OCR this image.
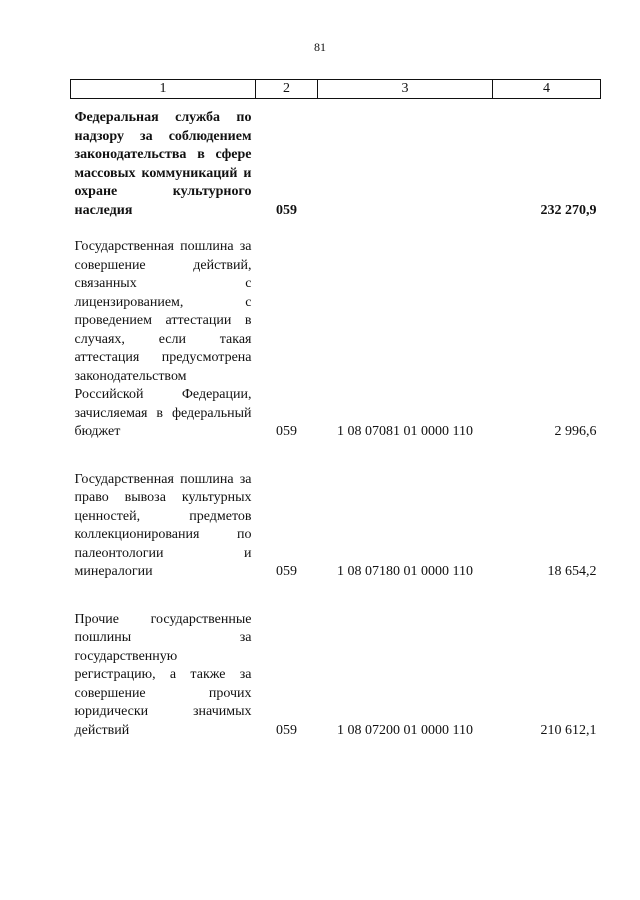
81
1	2	3	4
Федеральная служба по надзору за соблюдением законодательства в сфере массовых коммуникаций и охране культурного наследия	059		232 270,9
Государственная пошлина за совершение действий, связанных с лицензированием, с проведением аттестации в случаях, если такая аттестация предусмотрена законодательством Российской Федерации, зачисляемая в федеральный бюджет	059	1 08 07081 01 0000 110	2 996,6
Государственная пошлина за право вывоза культурных ценностей, предметов коллекционирования по палеонтологии и минералогии	059	1 08 07180 01 0000 110	18 654,2
Прочие государственные пошлины за государственную регистрацию, а также за совершение прочих юридически значимых действий	059	1 08 07200 01 0000 110	210 612,1
